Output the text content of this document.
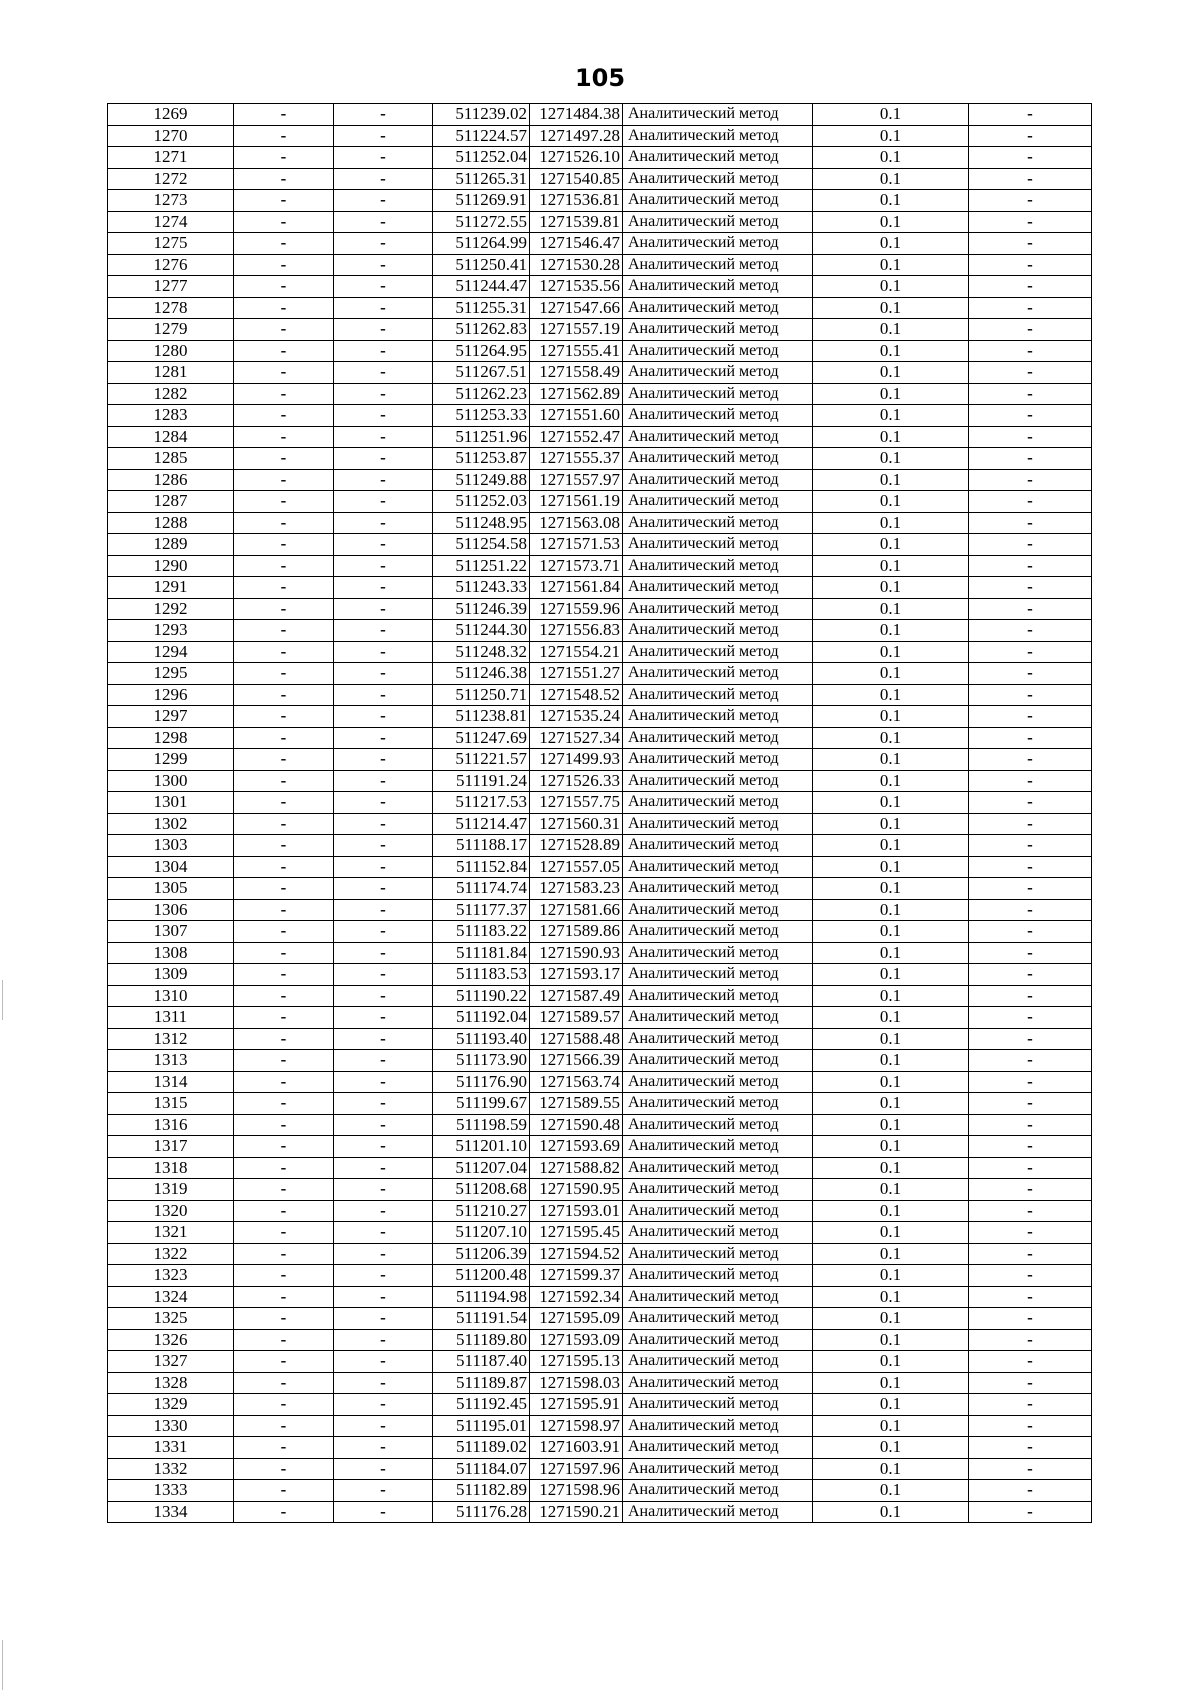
105
1269	-	-	511239.02	1271484.38	Аналитический метод	0.1	-
1270	-	-	511224.57	1271497.28	Аналитический метод	0.1	-
1271	-	-	511252.04	1271526.10	Аналитический метод	0.1	-
1272	-	-	511265.31	1271540.85	Аналитический метод	0.1	-
1273	-	-	511269.91	1271536.81	Аналитический метод	0.1	-
1274	-	-	511272.55	1271539.81	Аналитический метод	0.1	-
1275	-	-	511264.99	1271546.47	Аналитический метод	0.1	-
1276	-	-	511250.41	1271530.28	Аналитический метод	0.1	-
1277	-	-	511244.47	1271535.56	Аналитический метод	0.1	-
1278	-	-	511255.31	1271547.66	Аналитический метод	0.1	-
1279	-	-	511262.83	1271557.19	Аналитический метод	0.1	-
1280	-	-	511264.95	1271555.41	Аналитический метод	0.1	-
1281	-	-	511267.51	1271558.49	Аналитический метод	0.1	-
1282	-	-	511262.23	1271562.89	Аналитический метод	0.1	-
1283	-	-	511253.33	1271551.60	Аналитический метод	0.1	-
1284	-	-	511251.96	1271552.47	Аналитический метод	0.1	-
1285	-	-	511253.87	1271555.37	Аналитический метод	0.1	-
1286	-	-	511249.88	1271557.97	Аналитический метод	0.1	-
1287	-	-	511252.03	1271561.19	Аналитический метод	0.1	-
1288	-	-	511248.95	1271563.08	Аналитический метод	0.1	-
1289	-	-	511254.58	1271571.53	Аналитический метод	0.1	-
1290	-	-	511251.22	1271573.71	Аналитический метод	0.1	-
1291	-	-	511243.33	1271561.84	Аналитический метод	0.1	-
1292	-	-	511246.39	1271559.96	Аналитический метод	0.1	-
1293	-	-	511244.30	1271556.83	Аналитический метод	0.1	-
1294	-	-	511248.32	1271554.21	Аналитический метод	0.1	-
1295	-	-	511246.38	1271551.27	Аналитический метод	0.1	-
1296	-	-	511250.71	1271548.52	Аналитический метод	0.1	-
1297	-	-	511238.81	1271535.24	Аналитический метод	0.1	-
1298	-	-	511247.69	1271527.34	Аналитический метод	0.1	-
1299	-	-	511221.57	1271499.93	Аналитический метод	0.1	-
1300	-	-	511191.24	1271526.33	Аналитический метод	0.1	-
1301	-	-	511217.53	1271557.75	Аналитический метод	0.1	-
1302	-	-	511214.47	1271560.31	Аналитический метод	0.1	-
1303	-	-	511188.17	1271528.89	Аналитический метод	0.1	-
1304	-	-	511152.84	1271557.05	Аналитический метод	0.1	-
1305	-	-	511174.74	1271583.23	Аналитический метод	0.1	-
1306	-	-	511177.37	1271581.66	Аналитический метод	0.1	-
1307	-	-	511183.22	1271589.86	Аналитический метод	0.1	-
1308	-	-	511181.84	1271590.93	Аналитический метод	0.1	-
1309	-	-	511183.53	1271593.17	Аналитический метод	0.1	-
1310	-	-	511190.22	1271587.49	Аналитический метод	0.1	-
1311	-	-	511192.04	1271589.57	Аналитический метод	0.1	-
1312	-	-	511193.40	1271588.48	Аналитический метод	0.1	-
1313	-	-	511173.90	1271566.39	Аналитический метод	0.1	-
1314	-	-	511176.90	1271563.74	Аналитический метод	0.1	-
1315	-	-	511199.67	1271589.55	Аналитический метод	0.1	-
1316	-	-	511198.59	1271590.48	Аналитический метод	0.1	-
1317	-	-	511201.10	1271593.69	Аналитический метод	0.1	-
1318	-	-	511207.04	1271588.82	Аналитический метод	0.1	-
1319	-	-	511208.68	1271590.95	Аналитический метод	0.1	-
1320	-	-	511210.27	1271593.01	Аналитический метод	0.1	-
1321	-	-	511207.10	1271595.45	Аналитический метод	0.1	-
1322	-	-	511206.39	1271594.52	Аналитический метод	0.1	-
1323	-	-	511200.48	1271599.37	Аналитический метод	0.1	-
1324	-	-	511194.98	1271592.34	Аналитический метод	0.1	-
1325	-	-	511191.54	1271595.09	Аналитический метод	0.1	-
1326	-	-	511189.80	1271593.09	Аналитический метод	0.1	-
1327	-	-	511187.40	1271595.13	Аналитический метод	0.1	-
1328	-	-	511189.87	1271598.03	Аналитический метод	0.1	-
1329	-	-	511192.45	1271595.91	Аналитический метод	0.1	-
1330	-	-	511195.01	1271598.97	Аналитический метод	0.1	-
1331	-	-	511189.02	1271603.91	Аналитический метод	0.1	-
1332	-	-	511184.07	1271597.96	Аналитический метод	0.1	-
1333	-	-	511182.89	1271598.96	Аналитический метод	0.1	-
1334	-	-	511176.28	1271590.21	Аналитический метод	0.1	-
